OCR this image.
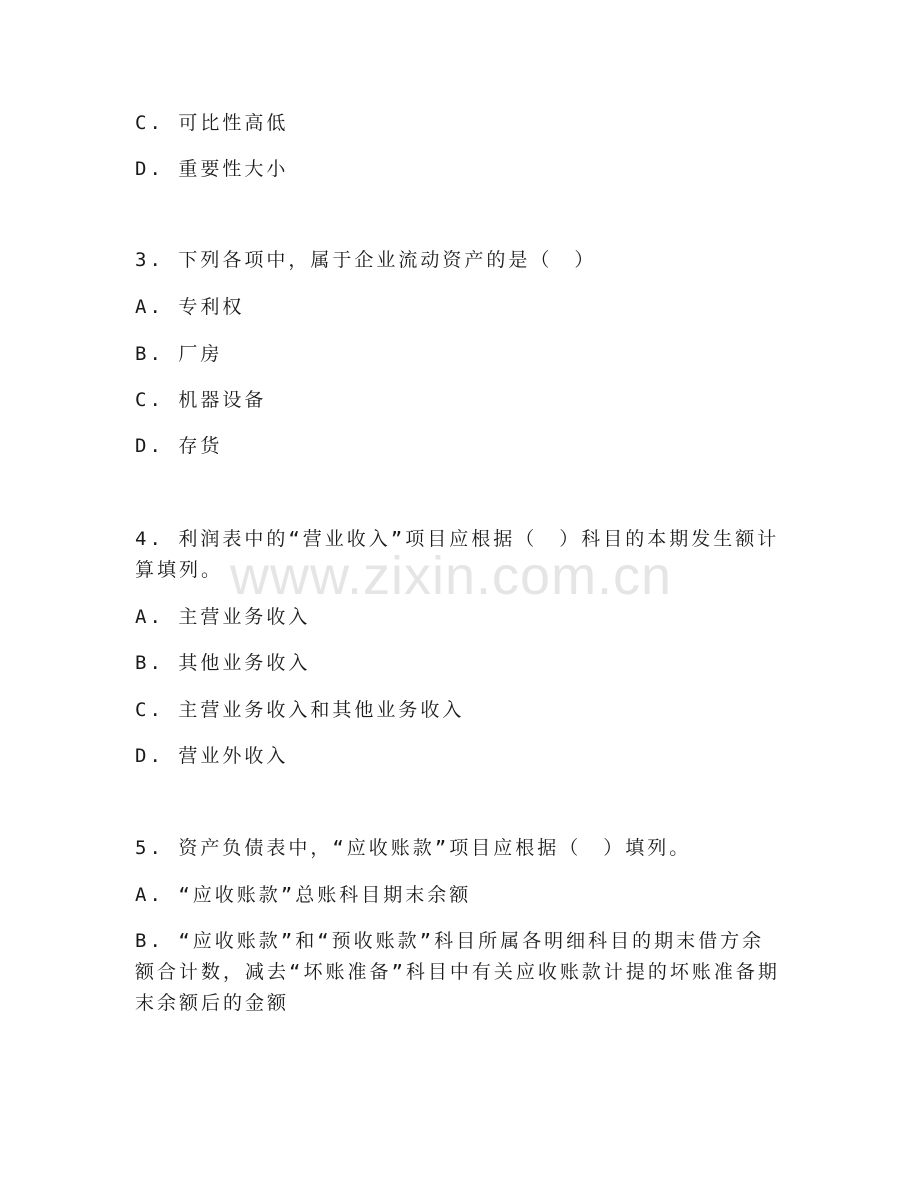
www.zixin.com.cn
C. 可比性高低
D. 重要性大小
3. 下列各项中，属于企业流动资产的是（　）
A. 专利权
B. 厂房
C. 机器设备
D. 存货
4. 利润表中的“营业收入”项目应根据（　）科目的本期发生额计算填列。
A. 主营业务收入
B. 其他业务收入
C. 主营业务收入和其他业务收入
D. 营业外收入
5. 资产负债表中，“应收账款”项目应根据（　）填列。
A. “应收账款”总账科目期末余额
B. “应收账款”和“预收账款”科目所属各明细科目的期末借方余额合计数，减去“坏账准备”科目中有关应收账款计提的坏账准备期末余额后的金额
